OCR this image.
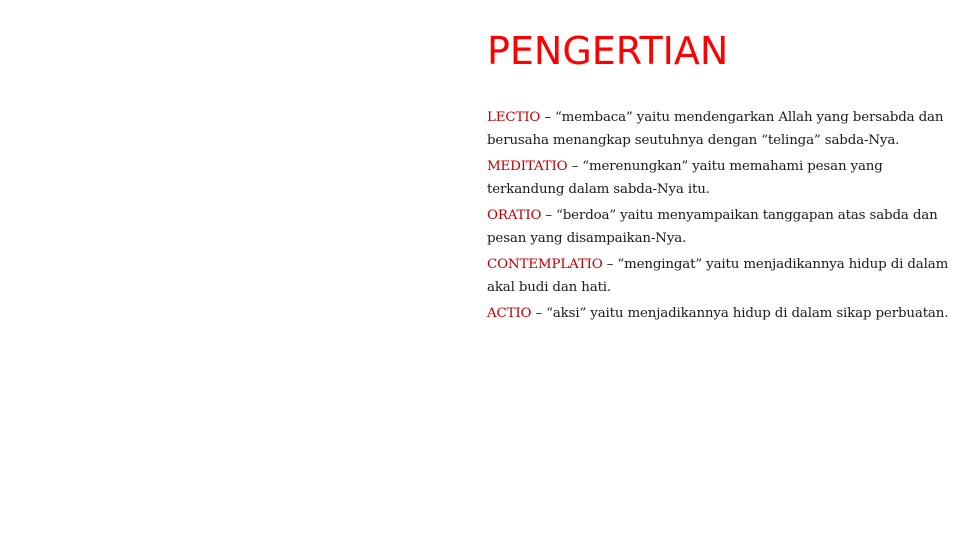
PENGERTIAN

LECTIO – “membaca” yaitu mendengarkan Allah yang bersabda dan berusaha menangkap seutuhnya dengan “telinga” sabda-Nya.

MEDITATIO – “merenungkan” yaitu memahami pesan yang terkandung dalam sabda-Nya itu.

ORATIO – “berdoa” yaitu menyampaikan tanggapan atas sabda dan pesan yang disampaikan-Nya.

CONTEMPLATIO – “mengingat” yaitu menjadikannya hidup di dalam akal budi dan hati.

ACTIO – “aksi” yaitu menjadikannya hidup di dalam sikap perbuatan.
